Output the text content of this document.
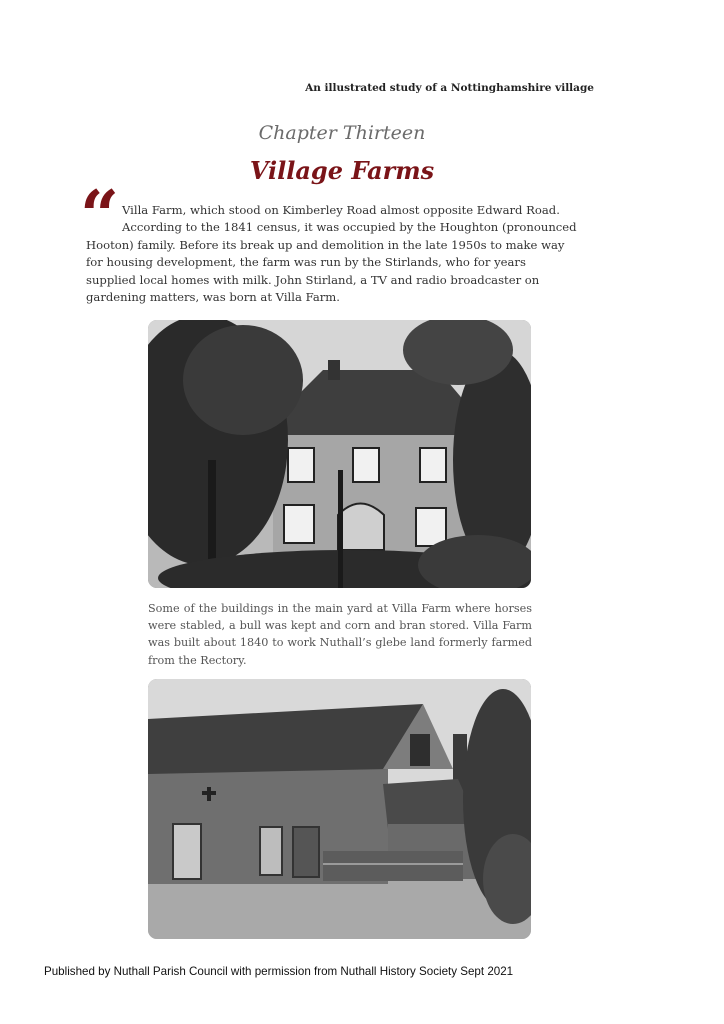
An illustrated study of a Nottinghamshire village
Chapter Thirteen
Village Farms
“ Villa Farm, which stood on Kimberley Road almost opposite Edward Road.
According to the 1841 census, it was occupied by the Houghton (pronounced
Hooton) family. Before its break up and demolition in the late 1950s to make way
for housing development, the farm was run by the Stirlands, who for years
supplied local homes with milk. John Stirland, a TV and radio broadcaster on
gardening matters, was born at Villa Farm.
Some of the buildings in the main yard at Villa Farm where horses were stabled, a bull was kept and corn and bran stored. Villa Farm was built about 1840 to work Nuthall’s glebe land formerly farmed from the Rectory.
Published by Nuthall Parish Council with permission from Nuthall History Society Sept 2021
